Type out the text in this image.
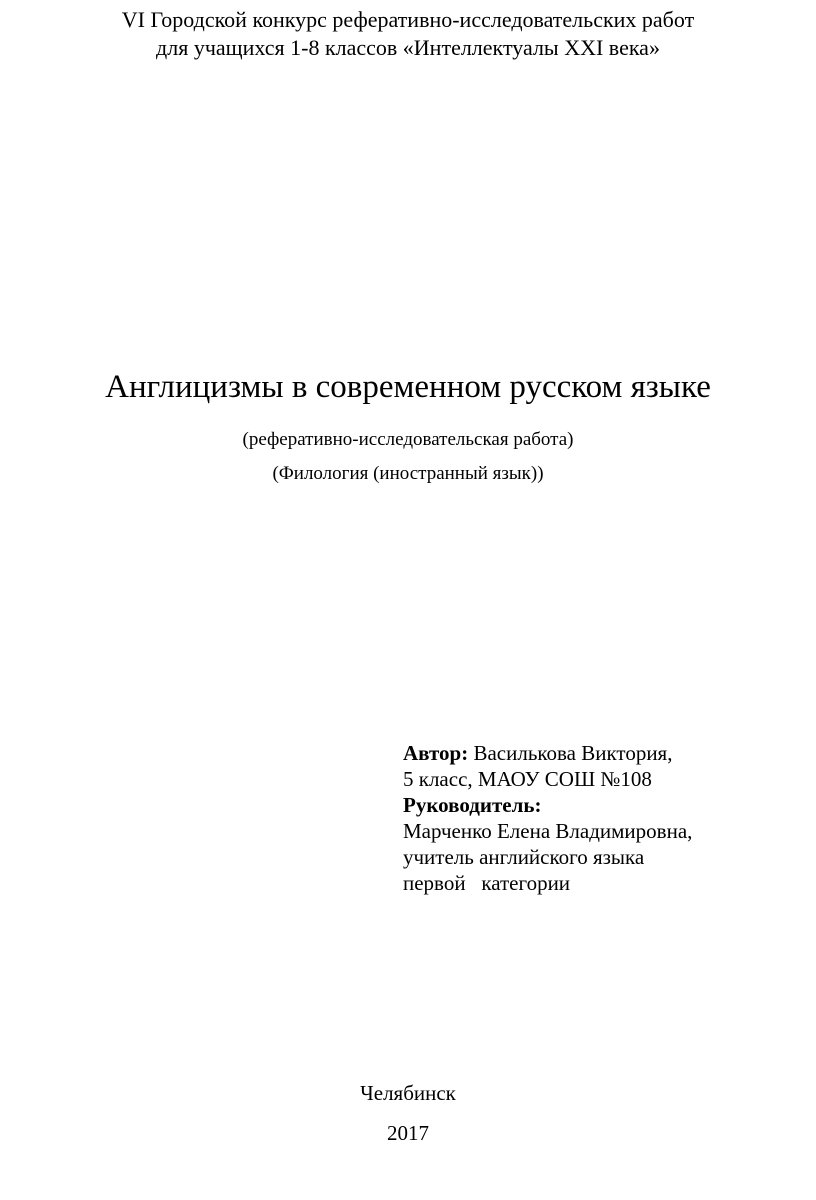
VI Городской конкурс реферативно-исследовательских работ
для учащихся 1-8 классов «Интеллектуалы XXI века»
Англицизмы в современном русском языке
(реферативно-исследовательская работа)
(Филология (иностранный язык))
Автор: Василькова Виктория,
5 класс, МАОУ СОШ №108
Руководитель:
Марченко Елена Владимировна,
учитель английского языка
первой   категории
Челябинск
2017
